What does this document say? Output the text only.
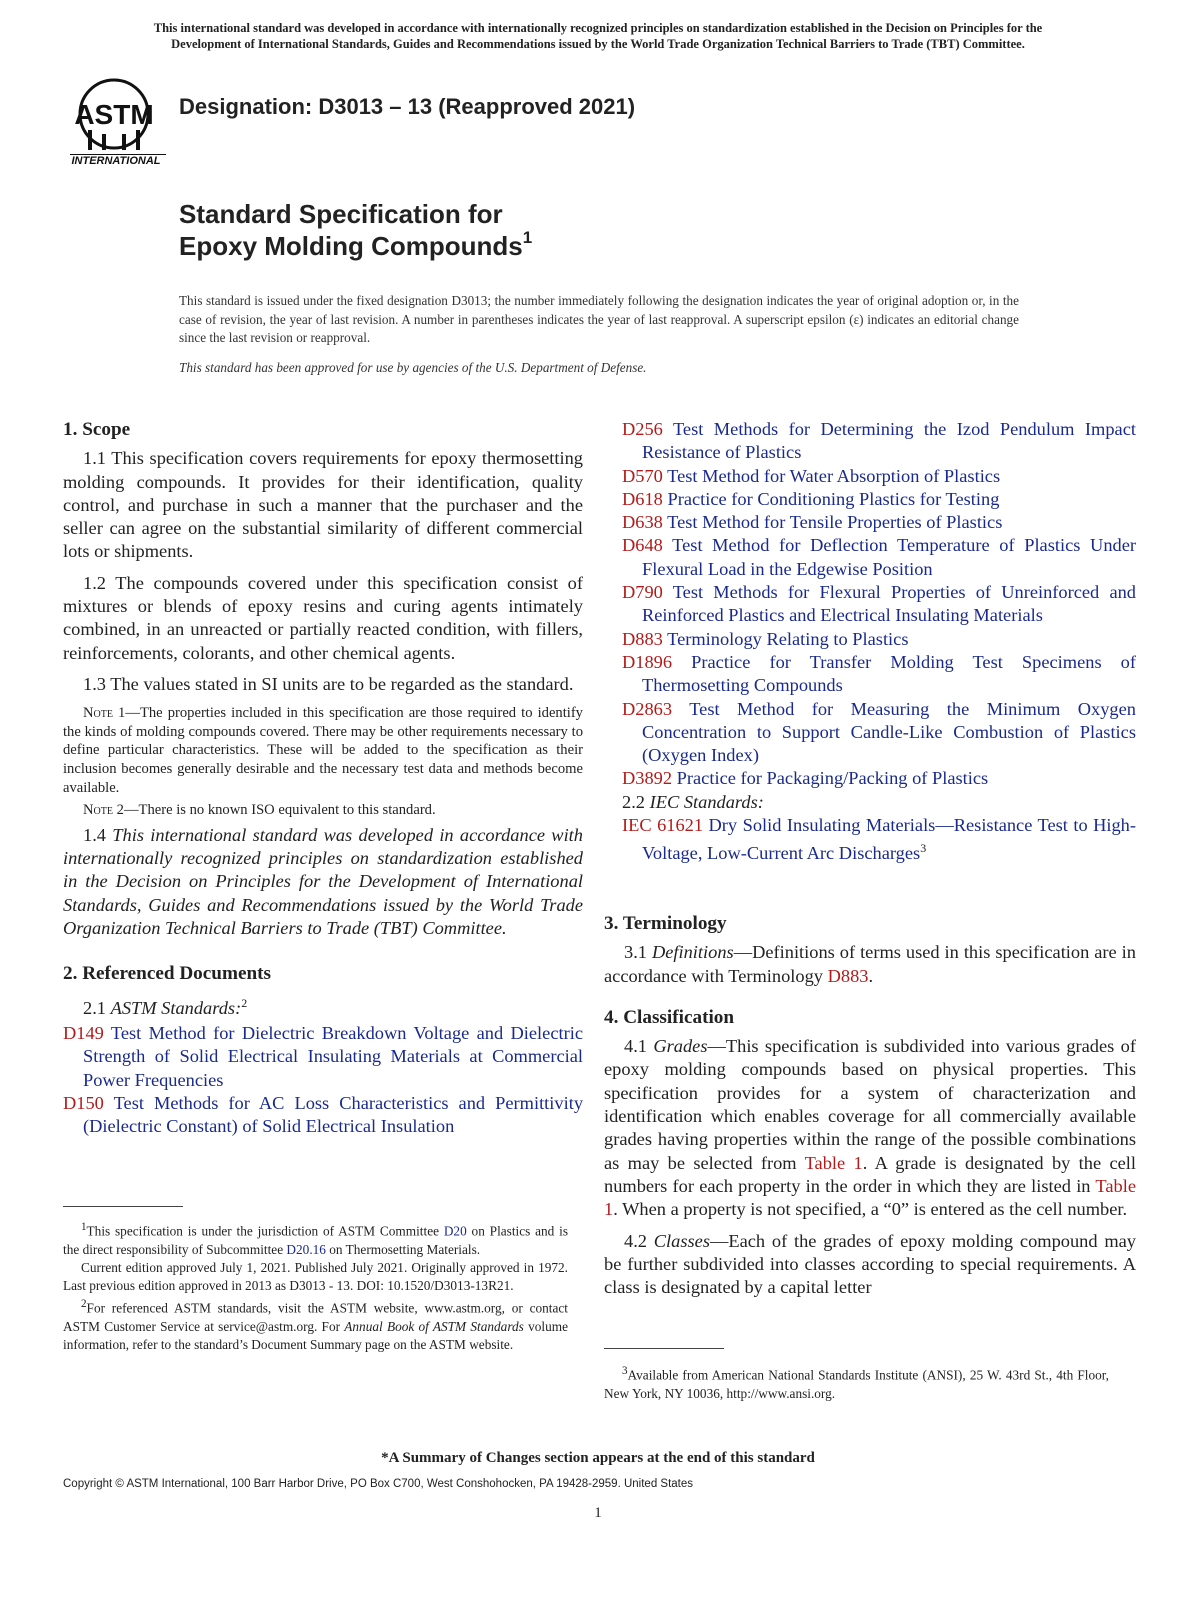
This international standard was developed in accordance with internationally recognized principles on standardization established in the Decision on Principles for the
Development of International Standards, Guides and Recommendations issued by the World Trade Organization Technical Barriers to Trade (TBT) Committee.
ASTM
INTERNATIONAL
Designation: D3013 – 13 (Reapproved 2021)
Standard Specification for
Epoxy Molding Compounds$^1$
This standard is issued under the fixed designation D3013; the number immediately following the designation indicates the year of original adoption or, in the case of revision, the year of last revision. A number in parentheses indicates the year of last reapproval. A superscript epsilon (ε) indicates an editorial change since the last revision or reapproval.
This standard has been approved for use by agencies of the U.S. Department of Defense.
1. Scope

1.1 This specification covers requirements for epoxy thermosetting molding compounds. It provides for their identification, quality control, and purchase in such a manner that the purchaser and the seller can agree on the substantial similarity of different commercial lots or shipments.

1.2 The compounds covered under this specification consist of mixtures or blends of epoxy resins and curing agents intimately combined, in an unreacted or partially reacted condition, with fillers, reinforcements, colorants, and other chemical agents.

1.3 The values stated in SI units are to be regarded as the standard.

Note 1—The properties included in this specification are those required to identify the kinds of molding compounds covered. There may be other requirements necessary to define particular characteristics. These will be added to the specification as their inclusion becomes generally desirable and the necessary test data and methods become available.
Note 2—There is no known ISO equivalent to this standard.

1.4 This international standard was developed in accordance with internationally recognized principles on standardization established in the Decision on Principles for the Development of International Standards, Guides and Recommendations issued by the World Trade Organization Technical Barriers to Trade (TBT) Committee.

2. Referenced Documents

2.1 ASTM Standards:$^2$

D149 Test Method for Dielectric Breakdown Voltage and Dielectric Strength of Solid Electrical Insulating Materials at Commercial Power Frequencies

D150 Test Methods for AC Loss Characteristics and Permittivity (Dielectric Constant) of Solid Electrical Insulation

D256 Test Methods for Determining the Izod Pendulum Impact Resistance of Plastics

D570 Test Method for Water Absorption of Plastics

D618 Practice for Conditioning Plastics for Testing

D638 Test Method for Tensile Properties of Plastics

D648 Test Method for Deflection Temperature of Plastics Under Flexural Load in the Edgewise Position

D790 Test Methods for Flexural Properties of Unreinforced and Reinforced Plastics and Electrical Insulating Materials

D883 Terminology Relating to Plastics

D1896 Practice for Transfer Molding Test Specimens of Thermosetting Compounds

D2863 Test Method for Measuring the Minimum Oxygen Concentration to Support Candle-Like Combustion of Plastics (Oxygen Index)

D3892 Practice for Packaging/Packing of Plastics

2.2 IEC Standards:

IEC 61621 Dry Solid Insulating Materials—Resistance Test to High-Voltage, Low-Current Arc Discharges$^3$

3. Terminology

3.1 Definitions—Definitions of terms used in this specification are in accordance with Terminology D883.

4. Classification

4.1 Grades—This specification is subdivided into various grades of epoxy molding compounds based on physical properties. This specification provides for a system of characterization and identification which enables coverage for all commercially available grades having properties within the range of the possible combinations as may be selected from Table 1. A grade is designated by the cell numbers for each property in the order in which they are listed in Table 1. When a property is not specified, a “0” is entered as the cell number.

4.2 Classes—Each of the grades of epoxy molding compound may be further subdivided into classes according to special requirements. A class is designated by a capital letter

$^1$This specification is under the jurisdiction of ASTM Committee D20 on Plastics and is the direct responsibility of Subcommittee D20.16 on Thermosetting Materials.

Current edition approved July 1, 2021. Published July 2021. Originally approved in 1972. Last previous edition approved in 2013 as D3013 - 13. DOI: 10.1520/D3013-13R21.

$^2$For referenced ASTM standards, visit the ASTM website, www.astm.org, or contact ASTM Customer Service at service@astm.org. For Annual Book of ASTM Standards volume information, refer to the standard’s Document Summary page on the ASTM website.

$^3$Available from American National Standards Institute (ANSI), 25 W. 43rd St., 4th Floor, New York, NY 10036, http://www.ansi.org.

*A Summary of Changes section appears at the end of this standard
Copyright © ASTM International, 100 Barr Harbor Drive, PO Box C700, West Conshohocken, PA 19428-2959. United States
1
